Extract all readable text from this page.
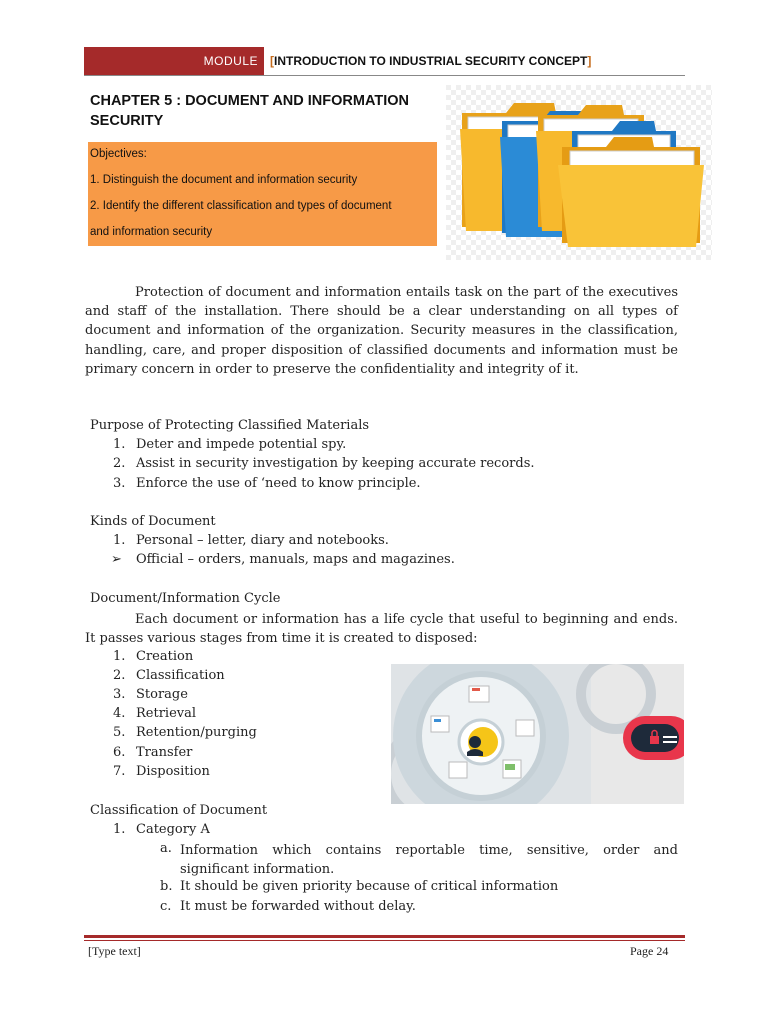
MODULE [INTRODUCTION TO INDUSTRIAL SECURITY CONCEPT]
CHAPTER 5 : DOCUMENT AND INFORMATION SECURITY
Objectives:
1. Distinguish the document and information security
2. Identify the different classification and types of document
and information security
Protection of document and information entails task on the part of the executives and staff of the installation. There should be a clear understanding on all types of document and information of the organization. Security measures in the classification, handling, care, and proper disposition of classified documents and information must be primary concern in order to preserve the confidentiality and integrity of it.
Purpose of Protecting Classified Materials
1. Deter and impede potential spy.
2. Assist in security investigation by keeping accurate records.
3. Enforce the use of ‘need to know principle.
Kinds of Document
1. Personal – letter, diary and notebooks.
➢ Official – orders, manuals, maps and magazines.
Document/Information Cycle
Each document or information has a life cycle that useful to beginning and ends. It passes various stages from time it is created to disposed:
1. Creation
2. Classification
3. Storage
4. Retrieval
5. Retention/purging
6. Transfer
7. Disposition
Classification of Document
1. Category A
a. Information which contains reportable time, sensitive, order and significant information.
b. It should be given priority because of critical information
c. It must be forwarded without delay.
[Type text]	Page 24
